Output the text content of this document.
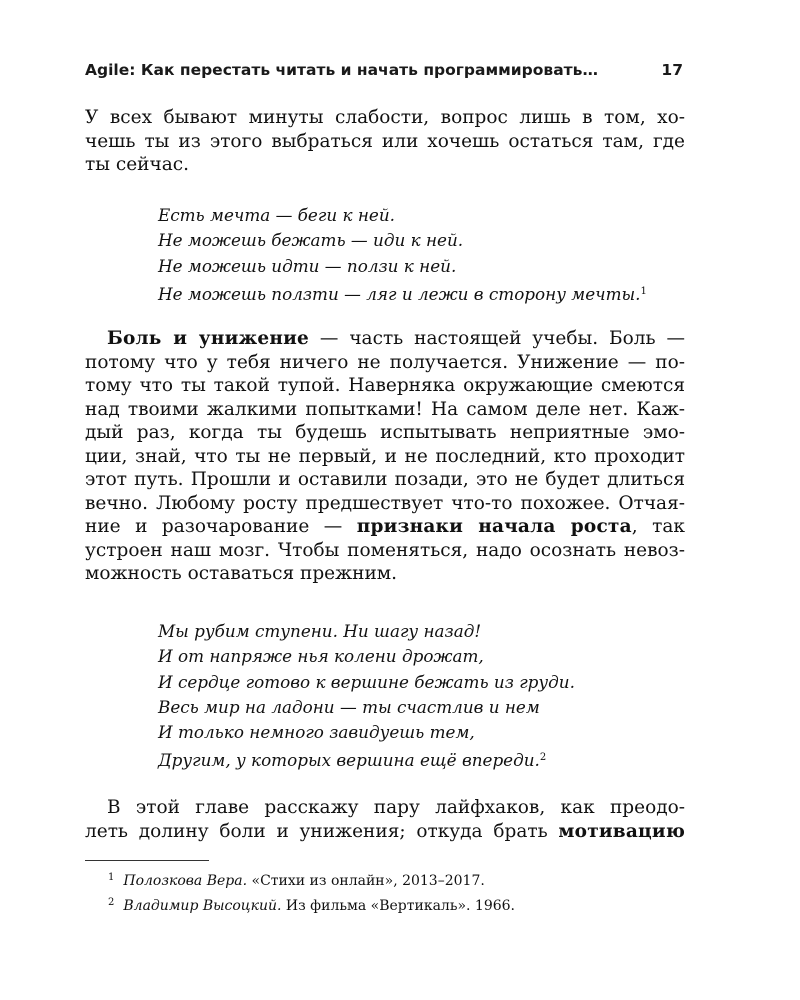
Agile: Как перестать читать и начать программировать…	17
У всех бывают минуты слабости, вопрос лишь в том, хо-
чешь ты из этого выбраться или хочешь остаться там, где
ты сейчас.
Есть мечта — беги к ней.
Не можешь бежать — иди к ней.
Не можешь идти — ползи к ней.
Не можешь ползти — ляг и лежи в сторону мечты.$^1$
Боль и унижение — часть настоящей учебы. Боль —
потому что у тебя ничего не получается. Унижение — по-
тому что ты такой тупой. Наверняка окружающие смеются
над твоими жалкими попытками! На самом деле нет. Каж-
дый раз, когда ты будешь испытывать неприятные эмо-
ции, знай, что ты не первый, и не последний, кто проходит
этот путь. Прошли и оставили позади, это не будет длиться
вечно. Любому росту предшествует что-то похожее. Отчая-
ние и разочарование — признаки начала роста, так
устроен наш мозг. Чтобы поменяться, надо осознать невоз-
можность оставаться прежним.
Мы рубим ступени. Ни шагу назад!
И от напряже нья колени дрожат,
И сердце готово к вершине бежать из груди.
Весь мир на ладони — ты счастлив и нем
И только немного завидуешь тем,
Другим, у которых вершина ещё впереди.$^2$
В этой главе расскажу пару лайфхаков, как преодо-
леть долину боли и унижения; откуда брать мотивацию
$^1$ Полозкова Вера. «Стихи из онлайн», 2013–2017.
$^2$ Владимир Высоцкий. Из фильма «Вертикаль». 1966.
